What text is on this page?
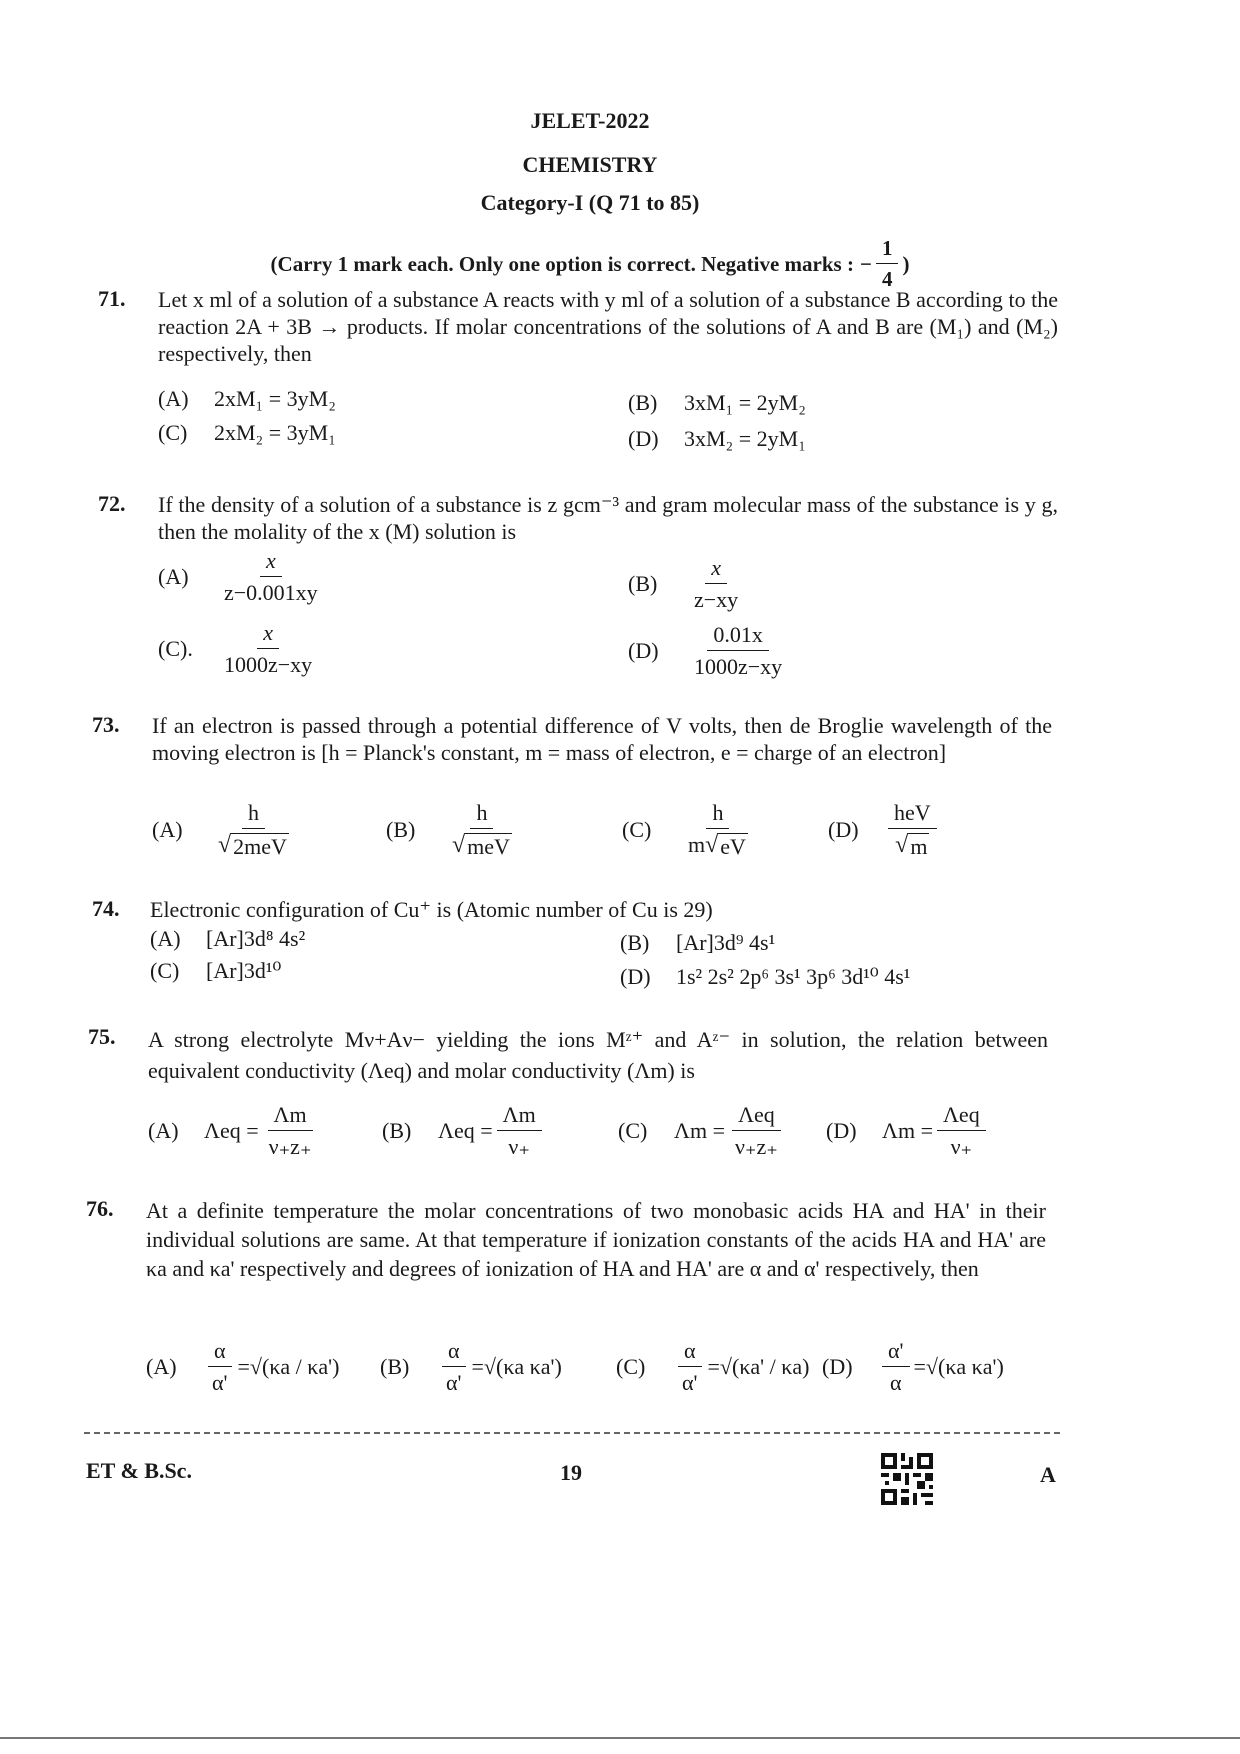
JELET-2022
CHEMISTRY
Category-I (Q 71 to 85)
(Carry 1 mark each. Only one option is correct. Negative marks : − $\frac{1}{4}$ )
71. Let x ml of a solution of a substance A reacts with y ml of a solution of a substance B according to the reaction 2A + 3B → products. If molar concentrations of the solutions of A and B are (M₁) and (M₂) respectively, then
(A)	2xM₁ = 3yM₂	(B)	3xM₁ = 2yM₂
(C)	2xM₂ = 3yM₁	(D)	3xM₂ = 2yM₁
72. If the density of a solution of a substance is z gcm⁻³ and gram molecular mass of the substance is y g, then the molality of the x (M) solution is
(A)	$\frac{x}{z-0.001xy}$	(B)	$\frac{x}{z-xy}$
(C).	$\frac{x}{1000z-xy}$	(D)	$\frac{0.01x}{1000z-xy}$
73. If an electron is passed through a potential difference of V volts, then de Broglie wavelength of the moving electron is [h = Planck's constant, m = mass of electron, e = charge of an electron]
(A)	$\frac{h}{\text{√ 2meV}}$	(B)	$\frac{h}{\text{√ meV}}$	(C)	$\frac{h}{m √ eV}$	(D)	$\frac{\text{heV}}{√ m}$
74. Electronic configuration of Cu⁺ is (Atomic number of Cu is 29)
(A)	[Ar]3d⁸ 4s²	(B)	[Ar]3d⁹ 4s¹
(C)	[Ar]3d¹⁰	(D)	1s² 2s² 2p⁶ 3s¹ 3p⁶ 3d¹⁰ 4s¹
75. A strong electrolyte Mν+Aν− yielding the ions Mᶻ⁺ and Aᶻ⁻ in solution, the relation between equivalent conductivity (Λeq) and molar conductivity (Λm) is
(A)	$\Lambda eq = \frac{\Lambda m}{\nu_+z_+}$	(B)	$\Lambda eq = \frac{\Lambda m}{\nu_+}$	(C)	$\Lambda m = \frac{\text{Λeq}}{\nu_+z_+} (D)$	$\Lambda m = \frac{\text{Λeq}}{\nu_+}$
76. At a definite temperature the molar concentrations of two monobasic acids HA and HA' in their individual solutions are same. At that temperature if ionization constants of the acids HA and HA' are κa and κa' respectively and degrees of ionization of HA and HA' are α and α' respectively, then
(A)	$\frac{\alpha}{\alpha'} = √(\kappa a / \kappa a')$ (B)	$\frac{\alpha}{\alpha'} = √(\kappa a$ κa') (C)	$\frac{\alpha}{\alpha'} = √(\kappa a' / \kappa a)$ (D)	$\frac{\alpha'}{\alpha} = √(\kappa a$ κa')
ET & B.Sc.	19	A
